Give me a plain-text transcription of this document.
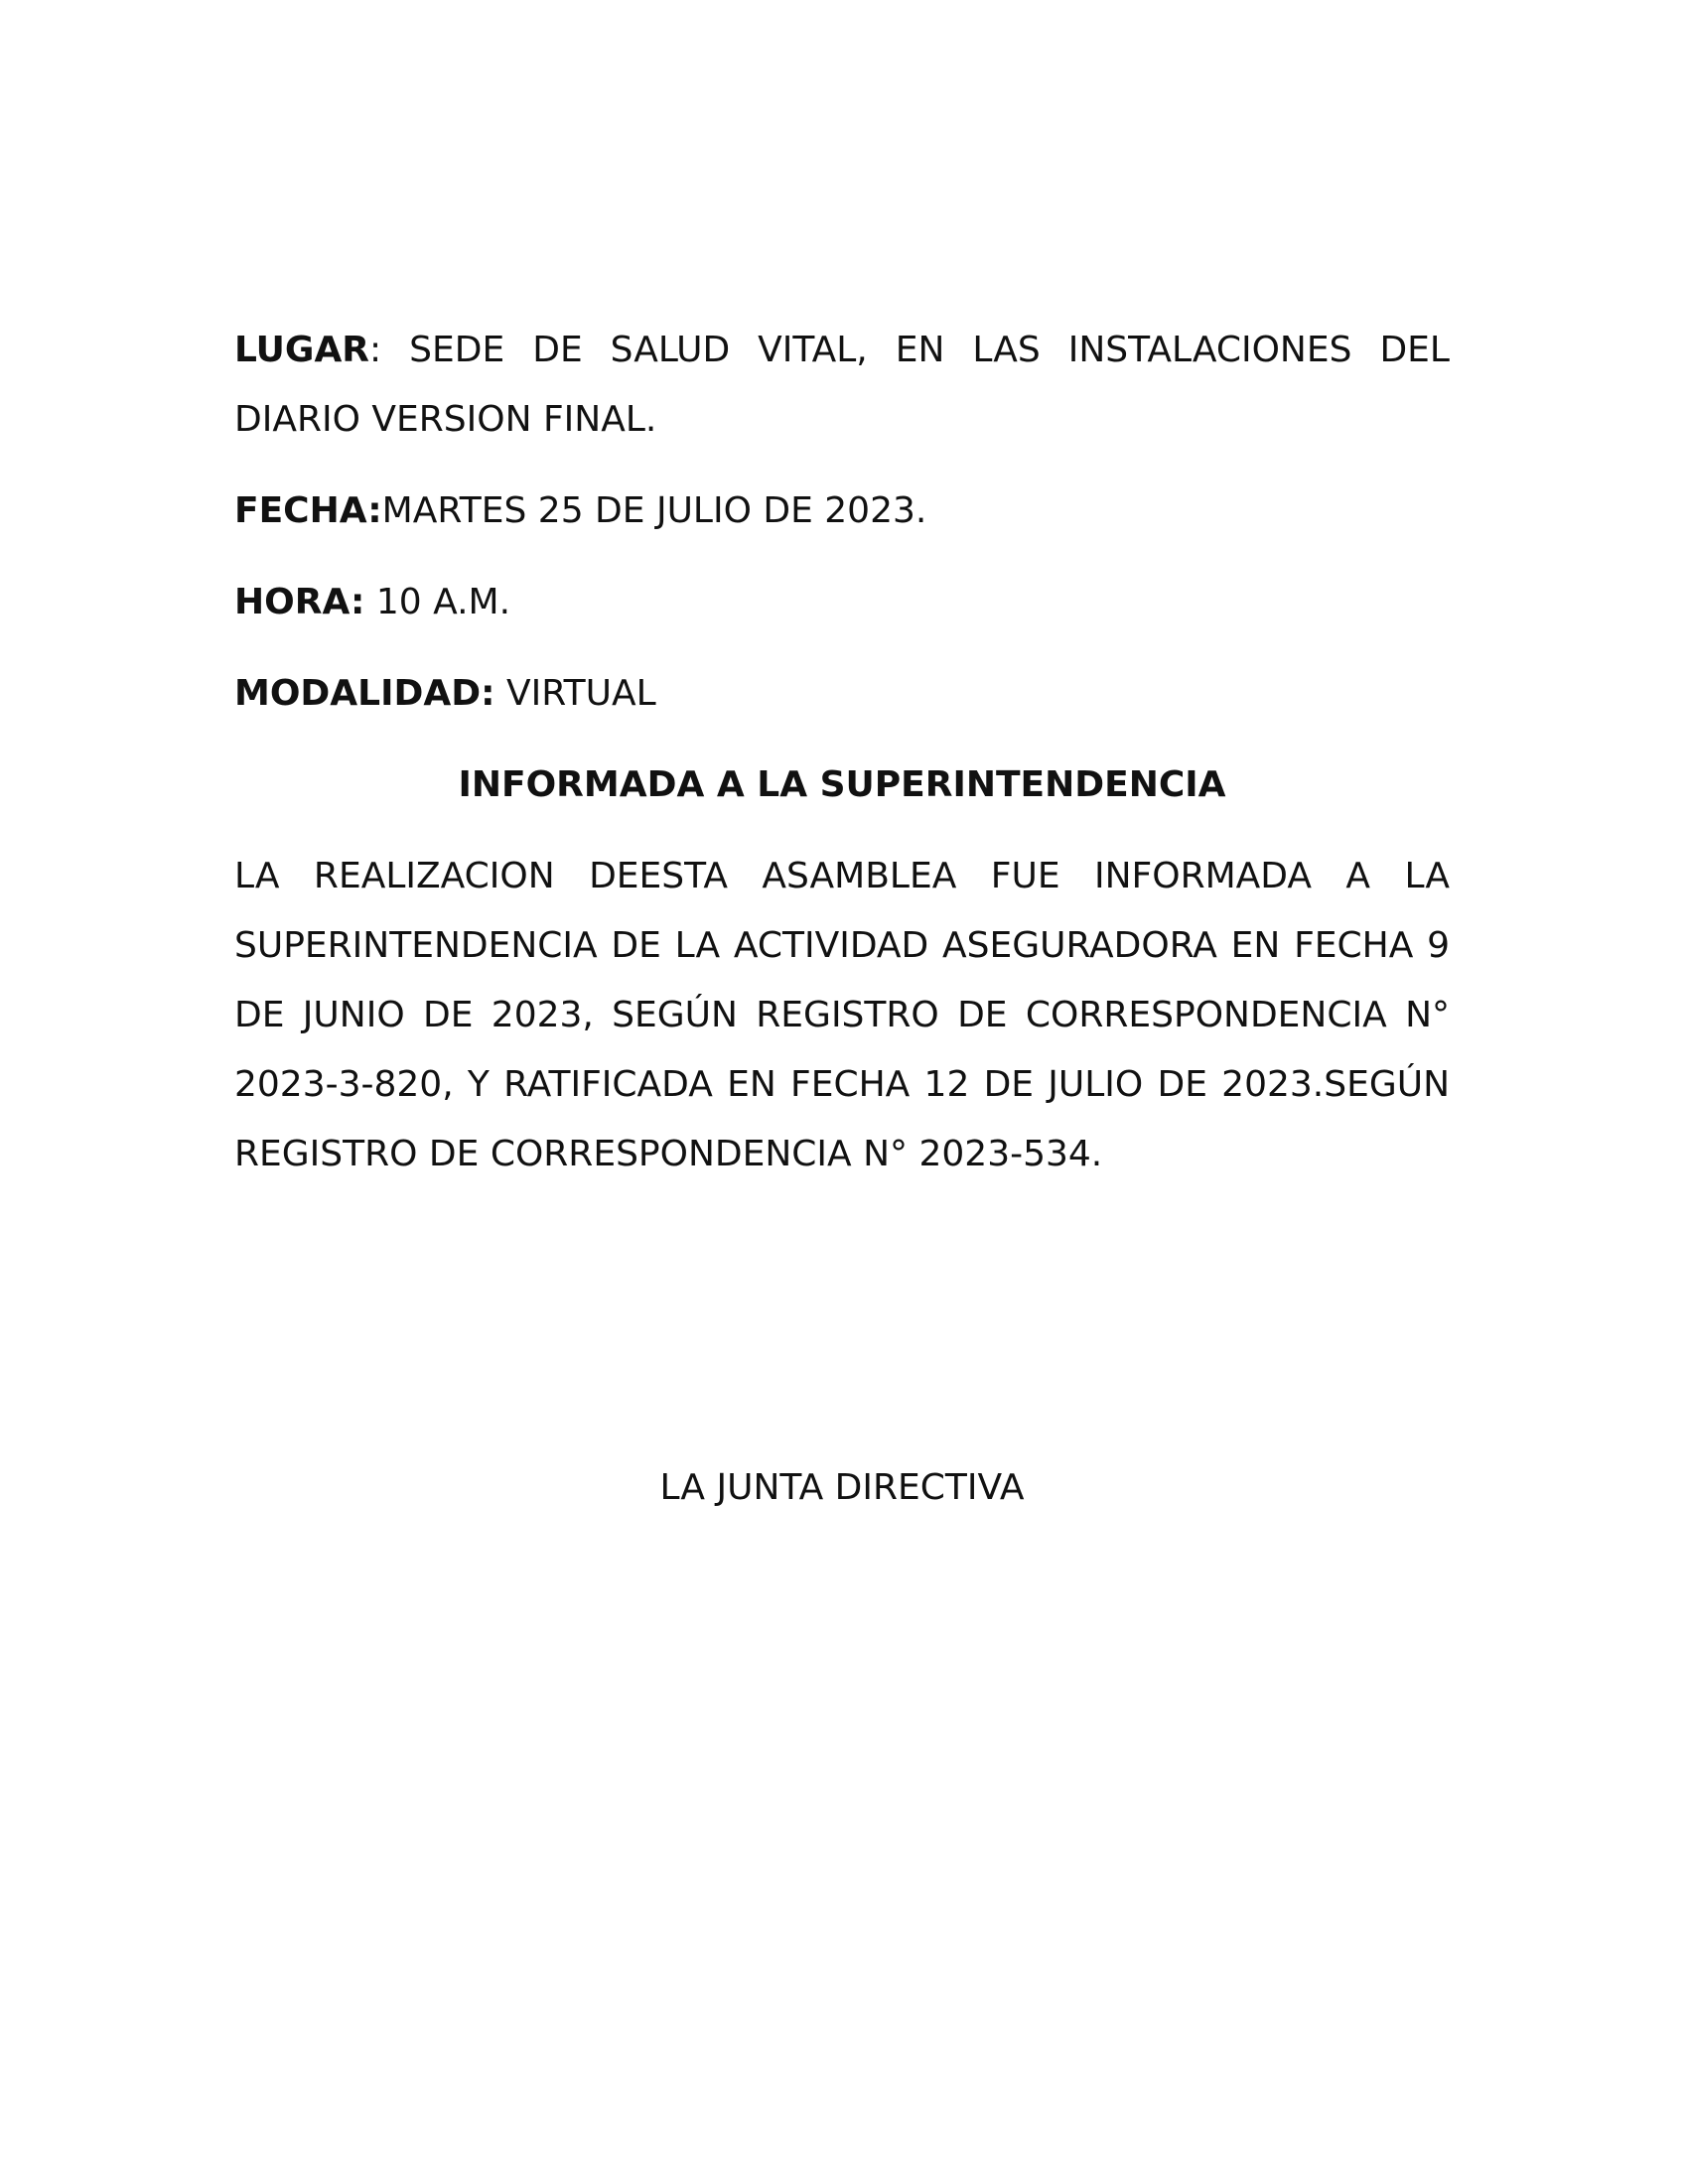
LUGAR: SEDE DE SALUD VITAL, EN LAS INSTALACIONES DEL DIARIO VERSION FINAL.

FECHA:MARTES 25 DE JULIO DE 2023.

HORA: 10 A.M.

MODALIDAD: VIRTUAL

INFORMADA A LA SUPERINTENDENCIA

LA REALIZACION DEESTA ASAMBLEA FUE INFORMADA A LA SUPERINTENDENCIA DE LA ACTIVIDAD ASEGURADORA EN FECHA 9 DE JUNIO DE 2023, SEGÚN REGISTRO DE CORRESPONDENCIA N° 2023-3-820, Y RATIFICADA EN FECHA 12 DE JULIO DE 2023.SEGÚN REGISTRO DE CORRESPONDENCIA N° 2023-534.

LA JUNTA DIRECTIVA
